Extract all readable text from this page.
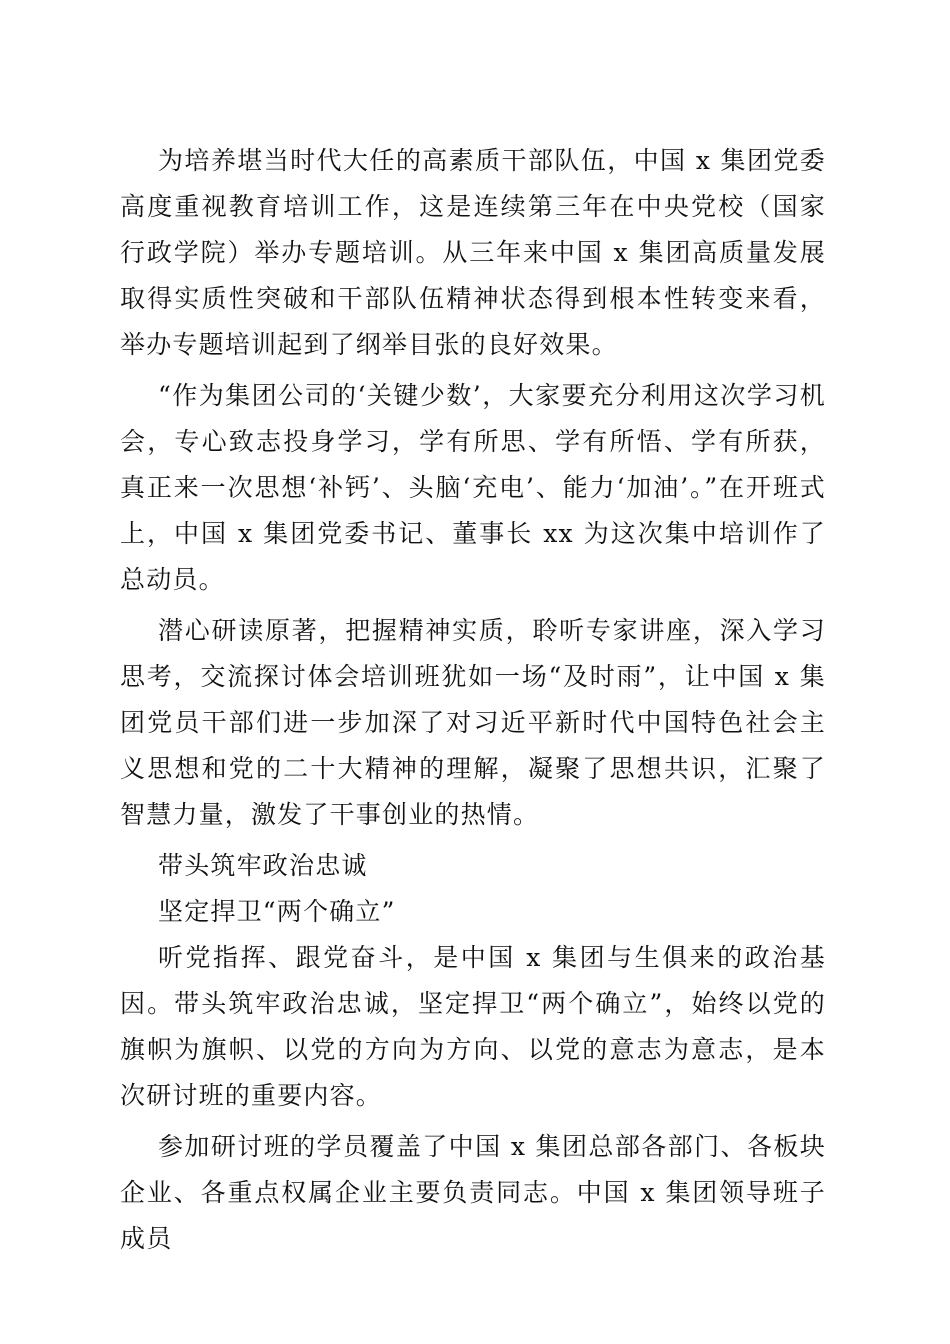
为培养堪当时代大任的高素质干部队伍，中国 x 集团党委高度重视教育培训工作，这是连续第三年在中央党校（国家行政学院）举办专题培训。从三年来中国 x 集团高质量发展取得实质性突破和干部队伍精神状态得到根本性转变来看，举办专题培训起到了纲举目张的良好效果。

“作为集团公司的‘关键少数’，大家要充分利用这次学习机会，专心致志投身学习，学有所思、学有所悟、学有所获，真正来一次思想‘补钙’、头脑‘充电’、能力‘加油’。”在开班式上，中国 x 集团党委书记、董事长 xx 为这次集中培训作了总动员。

潜心研读原著，把握精神实质，聆听专家讲座，深入学习思考，交流探讨体会培训班犹如一场“及时雨”，让中国 x 集团党员干部们进一步加深了对习近平新时代中国特色社会主义思想和党的二十大精神的理解，凝聚了思想共识，汇聚了智慧力量，激发了干事创业的热情。

带头筑牢政治忠诚

坚定捍卫“两个确立”

听党指挥、跟党奋斗，是中国 x 集团与生俱来的政治基因。带头筑牢政治忠诚，坚定捍卫“两个确立”，始终以党的旗帜为旗帜、以党的方向为方向、以党的意志为意志，是本次研讨班的重要内容。

参加研讨班的学员覆盖了中国 x 集团总部各部门、各板块企业、各重点权属企业主要负责同志。中国 x 集团领导班子成员
